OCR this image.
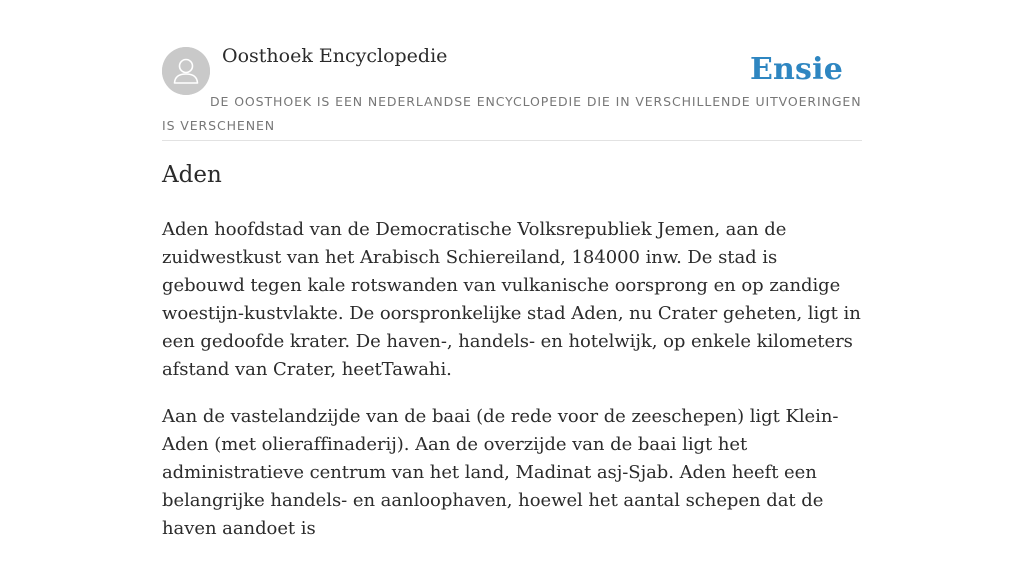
Oosthoek Encyclopedie	Ensie
DE OOSTHOEK IS EEN NEDERLANDSE ENCYCLOPEDIE DIE IN VERSCHILLENDE UITVOERINGEN IS VERSCHENEN
Aden

Aden hoofdstad van de Democratische Volksrepubliek Jemen, aan de zuidwestkust van het Arabisch Schiereiland, 184000 inw. De stad is gebouwd tegen kale rotswanden van vulkanische oorsprong en op zandige woestijn-kustvlakte. De oorspronkelijke stad Aden, nu Crater geheten, ligt in een gedoofde krater. De haven-, handels- en hotelwijk, op enkele kilometers afstand van Crater, heetTawahi.

Aan de vastelandzijde van de baai (de rede voor de zeeschepen) ligt Klein-Aden (met olieraffinaderij). Aan de overzijde van de baai ligt het administratieve centrum van het land, Madinat asj-Sjab. Aden heeft een belangrijke handels- en aanloophaven, hoewel het aantal schepen dat de haven aandoet is
